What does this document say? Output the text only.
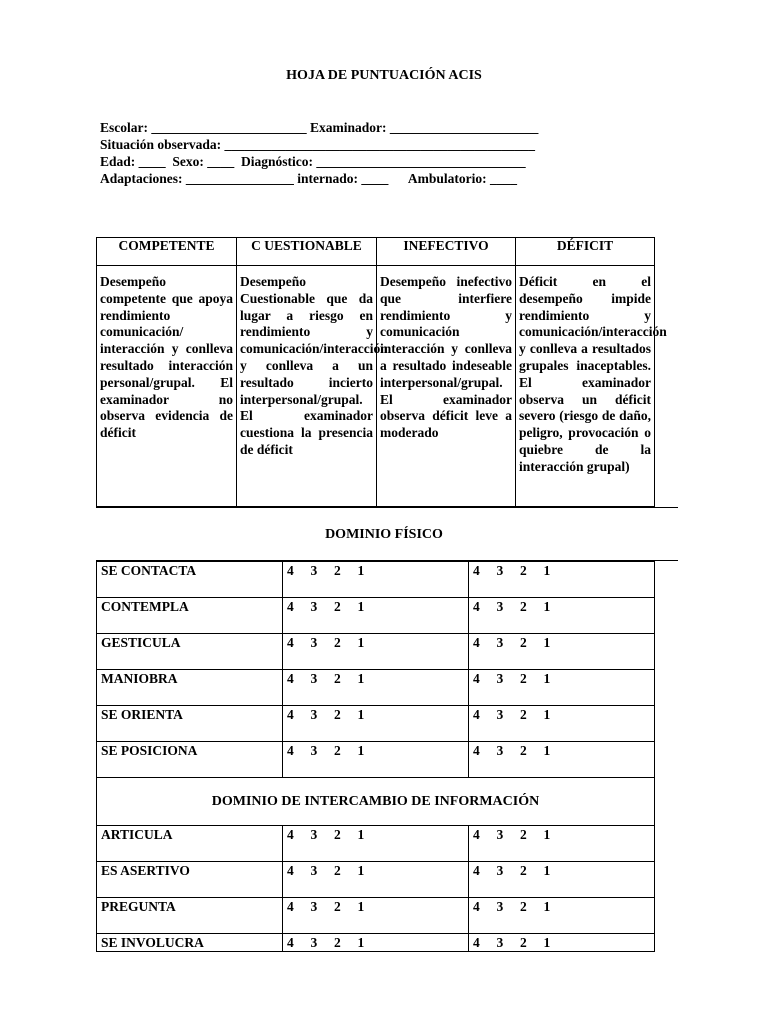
HOJA DE PUNTUACIÓN ACIS
Escolar: _______________________ Examinador: ______________________
Situación observada: ______________________________________________
Edad: ____  Sexo: ____  Diagnóstico: _______________________________
Adaptaciones: ________________ internado: ____      Ambulatorio: ____
COMPETENTE	C UESTIONABLE	INEFECTIVO	DÉFICIT

Desempeño competente que apoya rendimiento comunicación/ interacción y conlleva resultado interacción personal/grupal. El examinador no observa evidencia de déficit	Desempeño Cuestionable que da lugar a riesgo en rendimiento y comunicación/interacción y conlleva a un resultado incierto interpersonal/grupal. El examinador cuestiona la presencia de déficit	Desempeño inefectivo que interfiere rendimiento y comunicación interacción y conlleva a resultado indeseable interpersonal/grupal. El examinador observa déficit leve a moderado	Déficit en el desempeño impide rendimiento y comunicación/interacción y conlleva a resultados grupales inaceptables. El examinador observa un déficit severo (riesgo de daño, peligro, provocación o quiebre de la interacción grupal)

DOMINIO FÍSICO
SE CONTACTA	4 3 2 1	4 3 2 1
CONTEMPLA	4 3 2 1	4 3 2 1
GESTICULA	4 3 2 1	4 3 2 1
MANIOBRA	4 3 2 1	4 3 2 1
SE ORIENTA	4 3 2 1	4 3 2 1
SE POSICIONA	4 3 2 1	4 3 2 1
DOMINIO DE INTERCAMBIO DE INFORMACIÓN		
ARTICULA	4 3 2 1	4 3 2 1
ES ASERTIVO	4 3 2 1	4 3 2 1
PREGUNTA	4 3 2 1	4 3 2 1
SE INVOLUCRA	4 3 2 1	4 3 2 1
